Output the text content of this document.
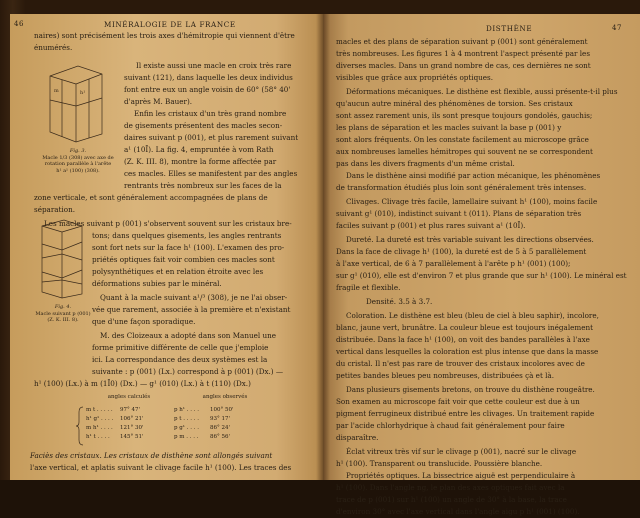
46	MINÉRALOGIE DE LA FRANCE	DISTHÈNE	47
naires) sont précisément les trois axes d'hémitropie qui viennent d'être
énumérés.
Il existe aussi une macle en croix très rare
suivant (121), dans laquelle les deux individus
font entre eux un angle voisin de 60° (58° 40'
d'après M. Bauer).
Enfin les cristaux d'un très grand nombre
de gisements présentent des macles secon-
daires suivant p (001), et plus rarement suivant
a¹ (10Ī). La fig. 4, empruntée à vom Rath
(Z. K. III. 8), montre la forme affectée par
ces macles. Elles se manifestent par des angles
rentrants très nombreux sur les faces de la
zone verticale, et sont généralement accompagnées de plans de
séparation.
Les macles suivant p (001) s'observent souvent sur les cristaux bre-
tons; dans quelques gisements, les angles rentrants
sont fort nets sur la face h¹ (100). L'examen des pro-
priétés optiques fait voir combien ces macles sont
polysynthétiques et en relation étroite avec les
déformations subies par le minéral.
Quant à la macle suivant a¹/³ (308), je ne l'ai obser-
vée que rarement, associée à la première et n'existant
que d'une façon sporadique.
M. des Cloizeaux a adopté dans son Manuel une
forme primitive différente de celle que j'emploie
ici. La correspondance des deux systèmes est la
suivante : p (001) (Lx.) correspond à p (001) (Dx.) —
h¹ (100) (Lx.) à m (1Ī0) (Dx.) — g¹ (010) (Lx.) à t (110) (Dx.)
h¹
m
Fig. 3.
Macle 1/3 (308) avec axe de
rotation parallèle à l'arête
h¹ a¹ (100) (308).
Fig. 4.
Macle suivant p (001)
(Z. K. III. 8).
angles calculés	angles observés
m t . . . . . 97° 47'	p h¹ . . . . 100° 50'
h¹ g¹ . . . . 106° 21'	p t . . . . . 93° 17'
m h¹ . . . . 121° 30'	p g¹ . . . . 86° 24'
h¹ t . . . . 145° 51'	p m . . . . 86° 56'
Faciès des cristaux. Les cristaux de disthène sont allongés suivant
l'axe vertical, et aplatis suivant le clivage facile h¹ (100). Les traces des
macles et des plans de séparation suivant p (001) sont généralement
très nombreuses. Les figures 1 à 4 montrent l'aspect présenté par les
diverses macles. Dans un grand nombre de cas, ces dernières ne sont
visibles que grâce aux propriétés optiques.
Déformations mécaniques. Le disthène est flexible, aussi présente-t-il plus
qu'aucun autre minéral des phénomènes de torsion. Ses cristaux
sont assez rarement unis, ils sont presque toujours gondolés, gauchis;
les plans de séparation et les macles suivant la base p (001) y
sont alors fréquents. On les constate facilement au microscope grâce
aux nombreuses lamelles hémitropes qui souvent ne se correspondent
pas dans les divers fragments d'un même cristal.
Dans le disthène ainsi modifié par action mécanique, les phénomènes
de transformation étudiés plus loin sont généralement très intenses.
Clivages. Clivage très facile, lamellaire suivant h¹ (100), moins facile
suivant g¹ (010), indistinct suivant t (011). Plans de séparation très
faciles suivant p (001) et plus rares suivant a¹ (10Ī).
Dureté. La dureté est très variable suivant les directions observées.
Dans la face de clivage h¹ (100), la dureté est de 5 à 5 parallèlement
à l'axe vertical, de 6 à 7 parallèlement à l'arête p h¹ (001) (100);
sur g¹ (010), elle est d'environ 7 et plus grande que sur h¹ (100). Le minéral est
fragile et flexible.
Densité. 3.5 à 3.7.
Coloration. Le disthène est bleu (bleu de ciel à bleu saphir), incolore,
blanc, jaune vert, brunâtre. La couleur bleue est toujours inégalement
distribuée. Dans la face h¹ (100), on voit des bandes parallèles à l'axe
vertical dans lesquelles la coloration est plus intense que dans la masse
du cristal. Il n'est pas rare de trouver des cristaux incolores avec de
petites bandes bleues peu nombreuses, distribuées çà et là.
Dans plusieurs gisements bretons, on trouve du disthène rougeâtre.
Son examen au microscope fait voir que cette couleur est due à un
pigment ferrugineux distribué entre les clivages. Un traitement rapide
par l'acide chlorhydrique à chaud fait généralement pour faire
disparaître.
Éclat vitreux très vif sur le clivage p (001), nacré sur le clivage
h¹ (100). Transparent ou translucide. Poussière blanche.
Propriétés optiques. La bissectrice aiguë est perpendiculaire à
h¹ (100). Dans l'angle ng, le plan des axes optiques fait avec la
trace de p (001) sur h¹ (100) un angle de 30° à la base, la trace
d'environ 30° avec l'axe vertical dans l'angle aigu p h¹ (001) (100).
